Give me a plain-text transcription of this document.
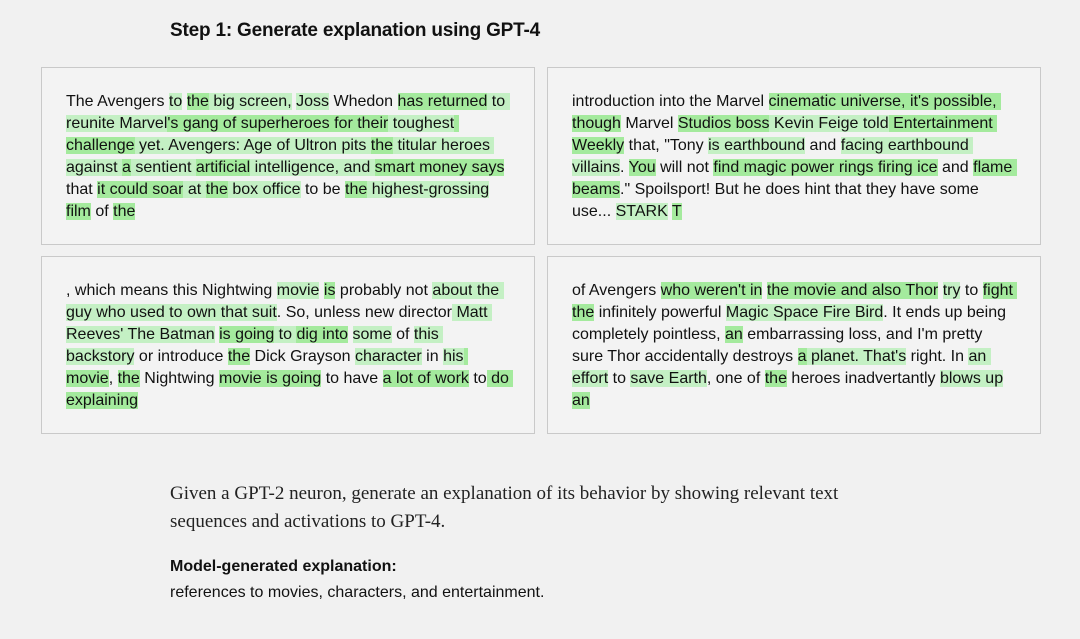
Step 1: Generate explanation using GPT-4
The Avengers to the big screen, Joss Whedon has returned to reunite Marvel's gang of superheroes for their toughest challenge yet. Avengers: Age of Ultron pits the titular heroes against a sentient artificial intelligence, and smart money says that it could soar at the box office to be the highest-grossing film of the
introduction into the Marvel cinematic universe, it's possible, though Marvel Studios boss Kevin Feige told Entertainment Weekly that, "Tony is earthbound and facing earthbound villains. You will not find magic power rings firing ice and flame beams." Spoilsport! But he does hint that they have some use... STARK T
, which means this Nightwing movie is probably not about the guy who used to own that suit. So, unless new director Matt Reeves' The Batman is going to dig into some of this backstory or introduce the Dick Grayson character in his movie, the Nightwing movie is going to have a lot of work to do explaining
of Avengers who weren't in the movie and also Thor try to fight the infinitely powerful Magic Space Fire Bird. It ends up being completely pointless, an embarrassing loss, and I'm pretty sure Thor accidentally destroys a planet. That's right. In an effort to save Earth, one of the heroes inadvertantly blows up an

Given a GPT-2 neuron, generate an explanation of its behavior by showing relevant text sequences and activations to GPT-4.

Model-generated explanation:

references to movies, characters, and entertainment.
